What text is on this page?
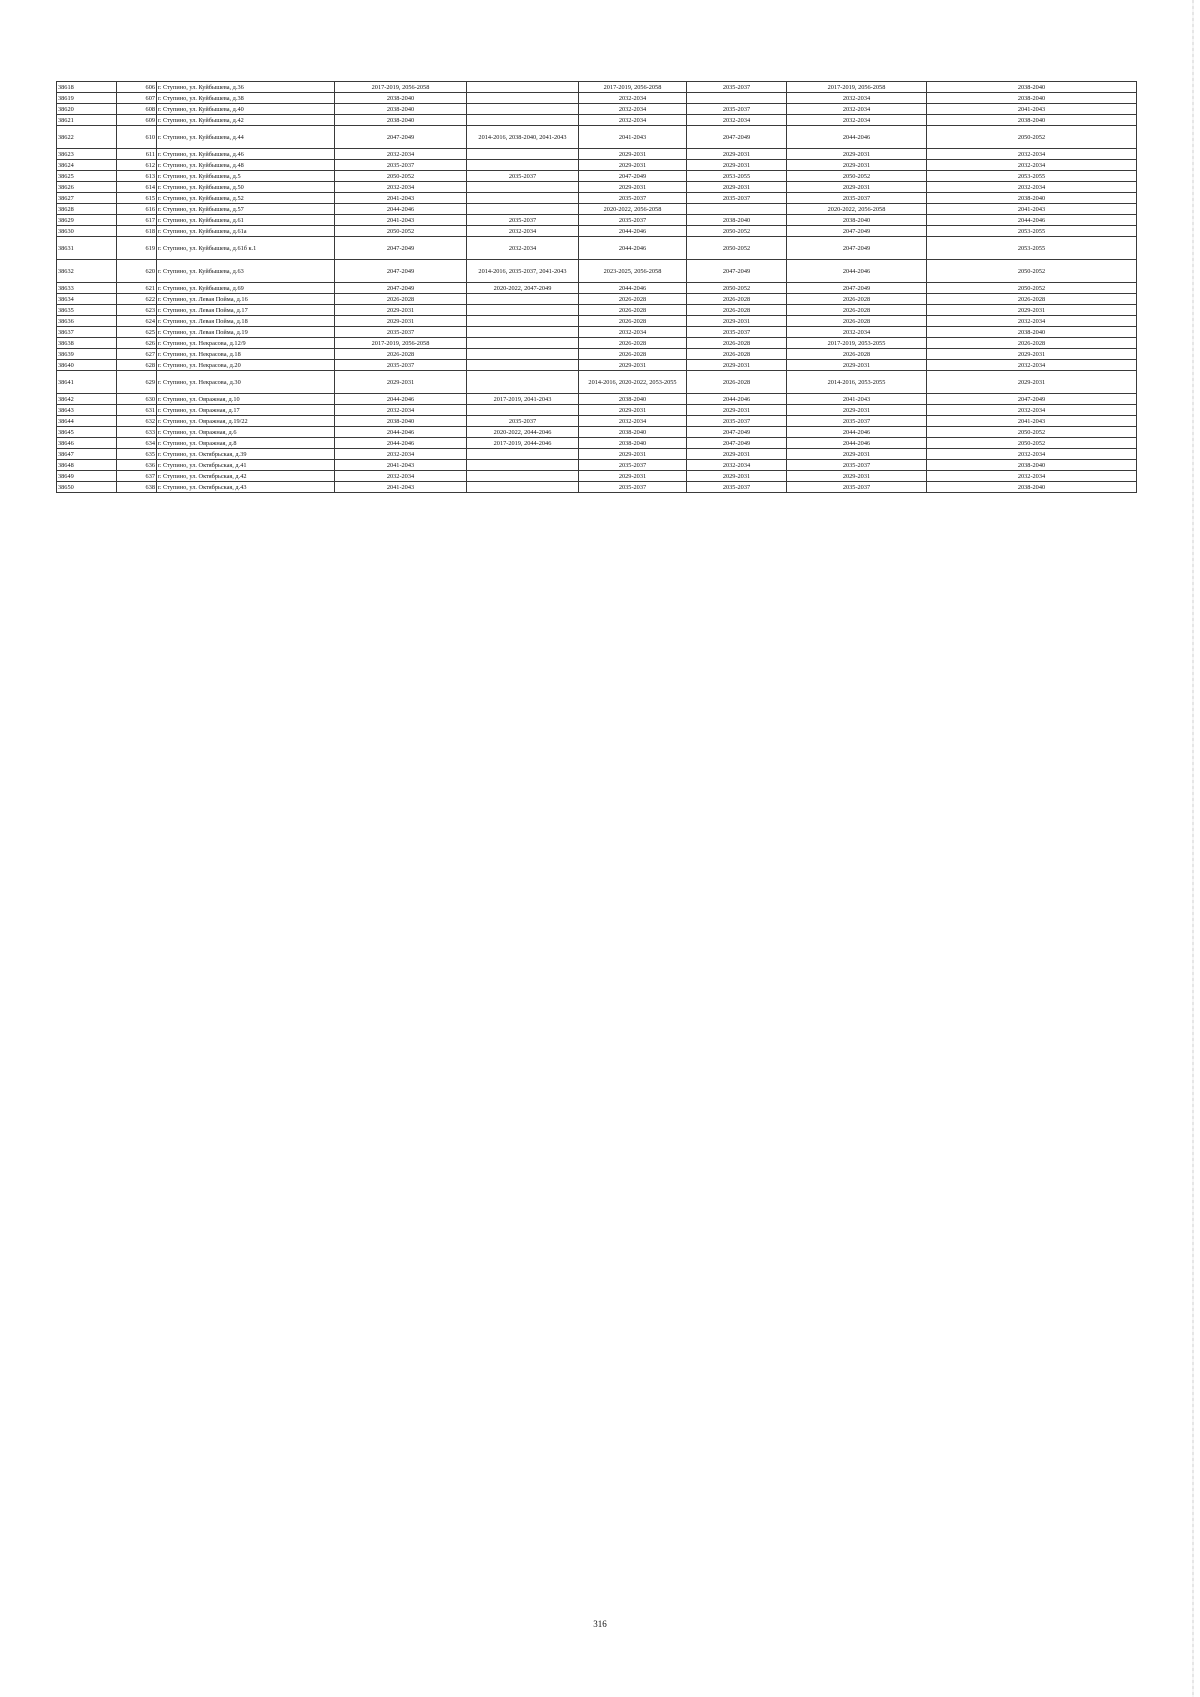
38618	606	г. Ступино, ул. Куйбышева, д.36	2017-2019, 2056-2058		2017-2019, 2056-2058	2035-2037	2017-2019, 2056-2058	2038-2040
38619	607	г. Ступино, ул. Куйбышева, д.38	2038-2040		2032-2034		2032-2034	2038-2040
38620	608	г. Ступино, ул. Куйбышева, д.40	2038-2040		2032-2034	2035-2037	2032-2034	2041-2043
38621	609	г. Ступино, ул. Куйбышева, д.42	2038-2040		2032-2034	2032-2034	2032-2034	2038-2040
38622	610	г. Ступино, ул. Куйбышева, д.44	2047-2049	2014-2016, 2038-2040, 2041-2043	2041-2043	2047-2049	2044-2046	2050-2052
38623	611	г. Ступино, ул. Куйбышева, д.46	2032-2034		2029-2031	2029-2031	2029-2031	2032-2034
38624	612	г. Ступино, ул. Куйбышева, д.48	2035-2037		2029-2031	2029-2031	2029-2031	2032-2034
38625	613	г. Ступино, ул. Куйбышева, д.5	2050-2052	2035-2037	2047-2049	2053-2055	2050-2052	2053-2055
38626	614	г. Ступино, ул. Куйбышева, д.50	2032-2034		2029-2031	2029-2031	2029-2031	2032-2034
38627	615	г. Ступино, ул. Куйбышева, д.52	2041-2043		2035-2037	2035-2037	2035-2037	2038-2040
38628	616	г. Ступино, ул. Куйбышева, д.57	2044-2046		2020-2022, 2056-2058		2020-2022, 2056-2058	2041-2043
38629	617	г. Ступино, ул. Куйбышева, д.61	2041-2043	2035-2037	2035-2037	2038-2040	2038-2040	2044-2046
38630	618	г. Ступино, ул. Куйбышева, д.61а	2050-2052	2032-2034	2044-2046	2050-2052	2047-2049	2053-2055
38631	619	г. Ступино, ул. Куйбышева, д.61б к.1	2047-2049	2032-2034	2044-2046	2050-2052	2047-2049	2053-2055
38632	620	г. Ступино, ул. Куйбышева, д.63	2047-2049	2014-2016, 2035-2037, 2041-2043	2023-2025, 2056-2058	2047-2049	2044-2046	2050-2052
38633	621	г. Ступино, ул. Куйбышева, д.69	2047-2049	2020-2022, 2047-2049	2044-2046	2050-2052	2047-2049	2050-2052
38634	622	г. Ступино, ул. Левая Пойма, д.16	2026-2028		2026-2028	2026-2028	2026-2028	2026-2028
38635	623	г. Ступино, ул. Левая Пойма, д.17	2029-2031		2026-2028	2026-2028	2026-2028	2029-2031
38636	624	г. Ступино, ул. Левая Пойма, д.18	2029-2031		2026-2028	2029-2031	2026-2028	2032-2034
38637	625	г. Ступино, ул. Левая Пойма, д.19	2035-2037		2032-2034	2035-2037	2032-2034	2038-2040
38638	626	г. Ступино, ул. Некрасова, д.12/9	2017-2019, 2056-2058		2026-2028	2026-2028	2017-2019, 2053-2055	2026-2028
38639	627	г. Ступино, ул. Некрасова, д.18	2026-2028		2026-2028	2026-2028	2026-2028	2029-2031
38640	628	г. Ступино, ул. Некрасова, д.20	2035-2037		2029-2031	2029-2031	2029-2031	2032-2034
38641	629	г. Ступино, ул. Некрасова, д.30	2029-2031		2014-2016, 2020-2022, 2053-2055	2026-2028	2014-2016, 2053-2055	2029-2031
38642	630	г. Ступино, ул. Овражная, д.10	2044-2046	2017-2019, 2041-2043	2038-2040	2044-2046	2041-2043	2047-2049
38643	631	г. Ступино, ул. Овражная, д.17	2032-2034		2029-2031	2029-2031	2029-2031	2032-2034
38644	632	г. Ступино, ул. Овражная, д.19/22	2038-2040	2035-2037	2032-2034	2035-2037	2035-2037	2041-2043
38645	633	г. Ступино, ул. Овражная, д.6	2044-2046	2020-2022, 2044-2046	2038-2040	2047-2049	2044-2046	2050-2052
38646	634	г. Ступино, ул. Овражная, д.8	2044-2046	2017-2019, 2044-2046	2038-2040	2047-2049	2044-2046	2050-2052
38647	635	г. Ступино, ул. Октябрьская, д.39	2032-2034		2029-2031	2029-2031	2029-2031	2032-2034
38648	636	г. Ступино, ул. Октябрьская, д.41	2041-2043		2035-2037	2032-2034	2035-2037	2038-2040
38649	637	г. Ступино, ул. Октябрьская, д.42	2032-2034		2029-2031	2029-2031	2029-2031	2032-2034
38650	638	г. Ступино, ул. Октябрьская, д.43	2041-2043		2035-2037	2035-2037	2035-2037	2038-2040
316
